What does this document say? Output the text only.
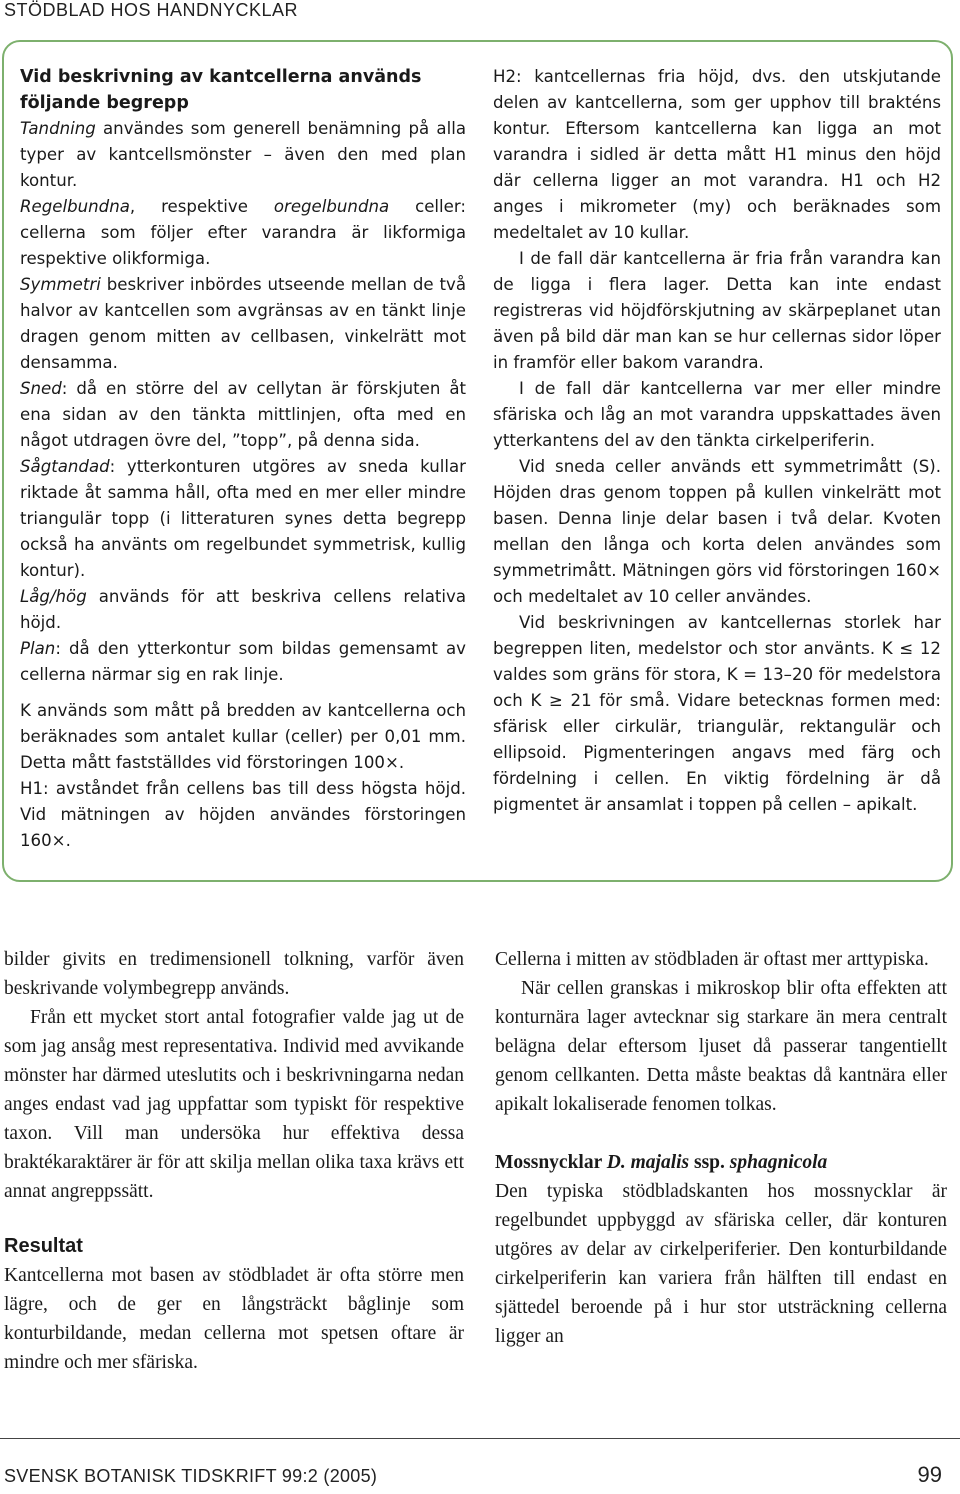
STÖDBLAD HOS HANDNYCKLAR

Vid beskrivning av kantcellerna används
följande begrepp

Tandning användes som generell benämning på alla typer av kantcellsmönster – även den med plan kontur.

Regelbundna, respektive oregelbundna celler: cellerna som följer efter varandra är likformiga respektive olikformiga.

Symmetri beskriver inbördes utseende mellan de två halvor av kantcellen som avgränsas av en tänkt linje dragen genom mitten av cellbasen, vinkelrätt mot densamma.

Sned: då en större del av cellytan är förskjuten åt ena sidan av den tänkta mittlinjen, ofta med en något utdragen övre del, ”topp”, på denna sida.

Sågtandad: ytterkonturen utgöres av sneda kullar riktade åt samma håll, ofta med en mer eller mindre triangulär topp (i litteraturen synes detta begrepp också ha använts om regelbundet symmetrisk, kullig kontur).

Låg/hög används för att beskriva cellens relativa höjd.

Plan: då den ytterkontur som bildas gemensamt av cellerna närmar sig en rak linje.

K används som mått på bredden av kantcellerna och beräknades som antalet kullar (celler) per 0,01 mm. Detta mått fastställdes vid förstoringen 100×.

H1: avståndet från cellens bas till dess högsta höjd. Vid mätningen av höjden användes förstoringen 160×.

H2: kantcellernas fria höjd, dvs. den utskjutande delen av kantcellerna, som ger upphov till brakténs kontur. Eftersom kantcellerna kan ligga an mot varandra i sidled är detta mått H1 minus den höjd där cellerna ligger an mot varandra. H1 och H2 anges i mikrometer (my) och beräknades som medeltalet av 10 kullar.

I de fall där kantcellerna är fria från varandra kan de ligga i flera lager. Detta kan inte endast registreras vid höjdförskjutning av skärpeplanet utan även på bild där man kan se hur cellernas sidor löper in framför eller bakom varandra.

I de fall där kantcellerna var mer eller mindre sfäriska och låg an mot varandra uppskattades även ytterkantens del av den tänkta cirkelperiferin.

Vid sneda celler används ett symmetrimått (S). Höjden dras genom toppen på kullen vinkelrätt mot basen. Denna linje delar basen i två delar. Kvoten mellan den långa och korta delen användes som symmetrimått. Mätningen görs vid förstoringen 160× och medeltalet av 10 celler användes.

Vid beskrivningen av kantcellernas storlek har begreppen liten, medelstor och stor använts. K ≤ 12 valdes som gräns för stora, K = 13–20 för medelstora och K ≥ 21 för små. Vidare betecknas formen med: sfärisk eller cirkulär, triangulär, rektangulär och ellipsoid. Pigmenteringen angavs med färg och fördelning i cellen. En viktig fördelning är då pigmentet är ansamlat i toppen på cellen – apikalt.

bilder givits en tredimensionell tolkning, varför även beskrivande volymbegrepp används.

Från ett mycket stort antal fotografier valde jag ut de som jag ansåg mest representativa. Individ med avvikande mönster har därmed uteslutits och i beskrivningarna nedan anges endast vad jag uppfattar som typiskt för respektive taxon. Vill man undersöka hur effektiva dessa braktékaraktärer är för att skilja mellan olika taxa krävs ett annat angreppssätt.

Resultat

Kantcellerna mot basen av stödbladet är ofta större men lägre, och de ger en långsträckt båglinje som konturbildande, medan cellerna mot spetsen oftare är mindre och mer sfäriska.

Cellerna i mitten av stödbladen är oftast mer arttypiska.

När cellen granskas i mikroskop blir ofta effekten att konturnära lager avtecknar sig starkare än mera centralt belägna delar eftersom ljuset då passerar tangentiellt genom cellkanten. Detta måste beaktas då kantnära eller apikalt lokaliserade fenomen tolkas.

Mossnycklar D. majalis ssp. sphagnicola

Den typiska stödbladskanten hos mossnycklar är regelbundet uppbyggd av sfäriska celler, där konturen utgöres av delar av cirkelperiferier. Den konturbildande cirkelperiferin kan variera från hälften till endast en sjättedel beroende på i hur stor utsträckning cellerna ligger an

SVENSK BOTANISK TIDSKRIFT 99:2 (2005)	99
